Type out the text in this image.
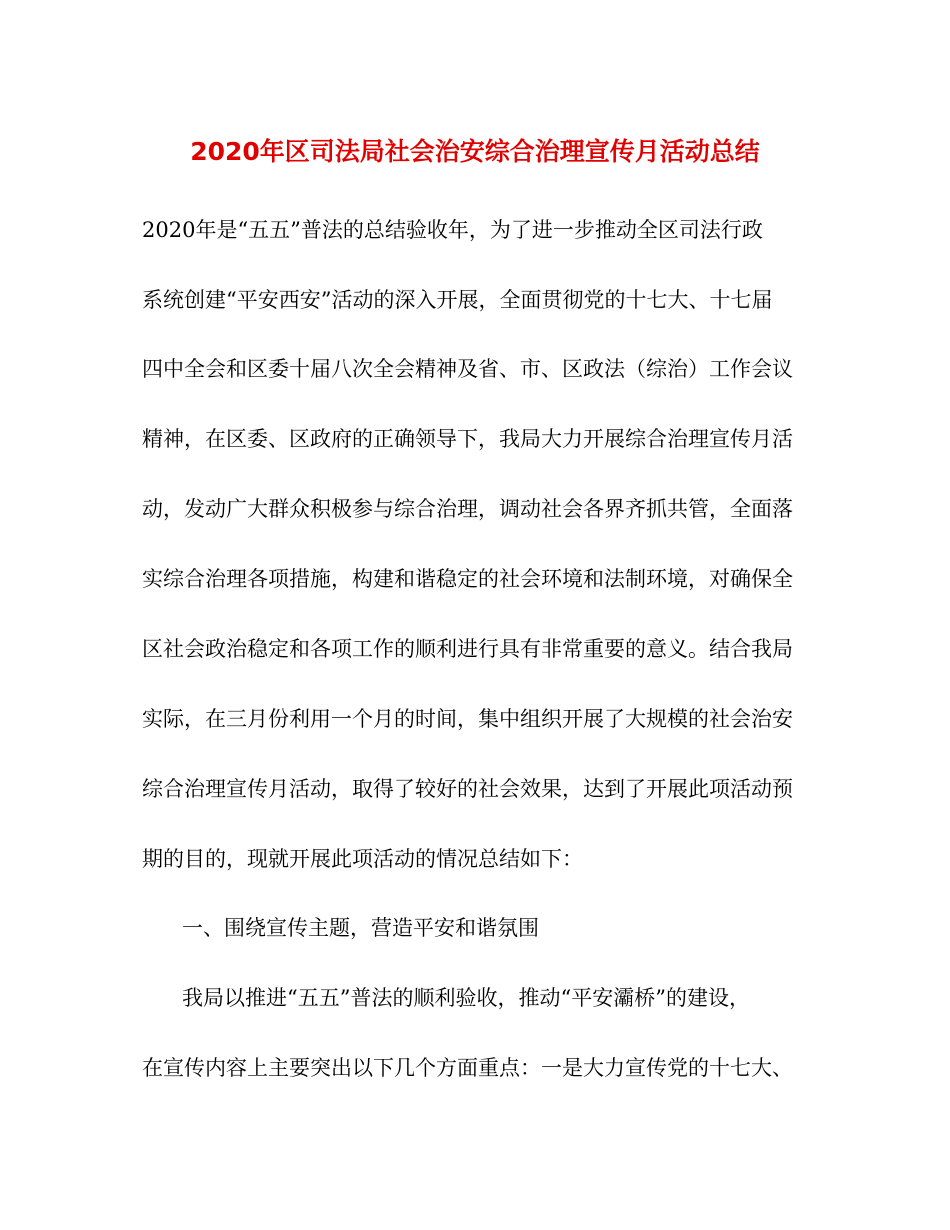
2020年区司法局社会治安综合治理宣传月活动总结
2020年是“五五”普法的总结验收年，为了进一步推动全区司法行政
系统创建“平安西安”活动的深入开展，全面贯彻党的十七大、十七届
四中全会和区委十届八次全会精神及省、市、区政法（综治）工作会议
精神，在区委、区政府的正确领导下，我局大力开展综合治理宣传月活
动，发动广大群众积极参与综合治理，调动社会各界齐抓共管，全面落
实综合治理各项措施，构建和谐稳定的社会环境和法制环境，对确保全
区社会政治稳定和各项工作的顺利进行具有非常重要的意义。结合我局
实际，在三月份利用一个月的时间，集中组织开展了大规模的社会治安
综合治理宣传月活动，取得了较好的社会效果，达到了开展此项活动预
期的目的，现就开展此项活动的情况总结如下：
一、围绕宣传主题，营造平安和谐氛围
我局以推进“五五”普法的顺利验收，推动“平安灞桥”的建设，
在宣传内容上主要突出以下几个方面重点：一是大力宣传党的十七大、
